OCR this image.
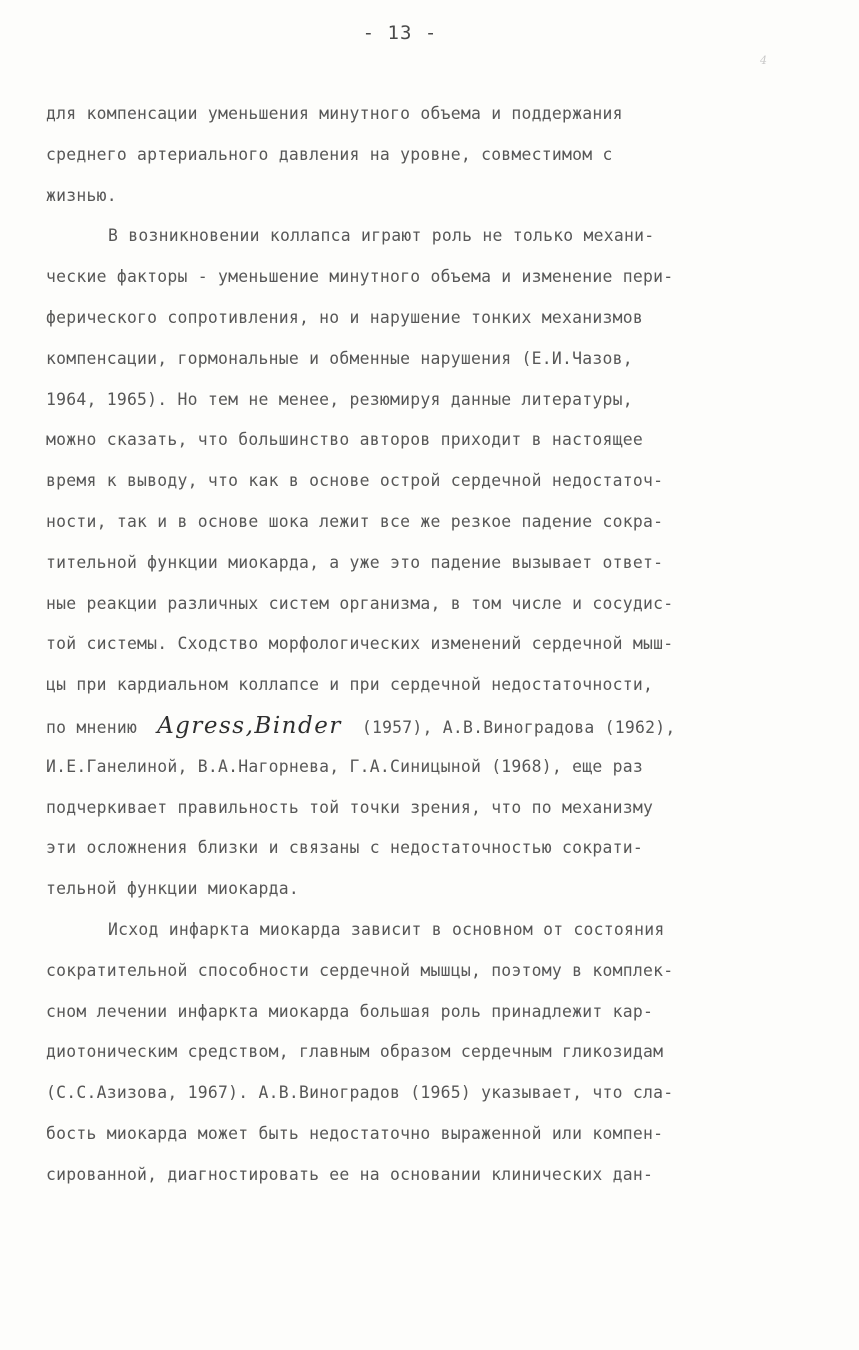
- 13 -
4
для компенсации уменьшения минутного объема и поддержания
среднего артериального давления на уровне, совместимом с
жизнью.
В возникновении коллапса играют роль не только механи-
ческие факторы - уменьшение минутного объема и изменение пери-
ферического сопротивления, но и нарушение тонких механизмов
компенсации, гормональные и обменные нарушения (Е.И.Чазов,
1964, 1965). Но тем не менее, резюмируя данные литературы,
можно сказать, что большинство авторов приходит в настоящее
время к выводу, что как в основе острой сердечной недостаточ-
ности, так и в основе шока лежит все же резкое падение сокра-
тительной функции миокарда, а уже это падение вызывает ответ-
ные реакции различных систем организма, в том числе и сосудис-
той системы. Сходство морфологических изменений сердечной мыш-
цы при кардиальном коллапсе и при сердечной недостаточности,
по мнению Agress,Binder (1957), А.В.Виноградова (1962),
И.Е.Ганелиной, В.А.Нагорнева, Г.А.Синицыной (1968), еще раз
подчеркивает правильность той точки зрения, что по механизму
эти осложнения близки и связаны с недостаточностью сократи-
тельной функции миокарда.
Исход инфаркта миокарда зависит в основном от состояния
сократительной способности сердечной мышцы, поэтому в комплек-
сном лечении инфаркта миокарда большая роль принадлежит кар-
диотоническим средством, главным образом сердечным гликозидам
(С.С.Азизова, 1967). А.В.Виноградов (1965) указывает, что сла-
бость миокарда может быть недостаточно выраженной или компен-
сированной, диагностировать ее на основании клинических дан-
